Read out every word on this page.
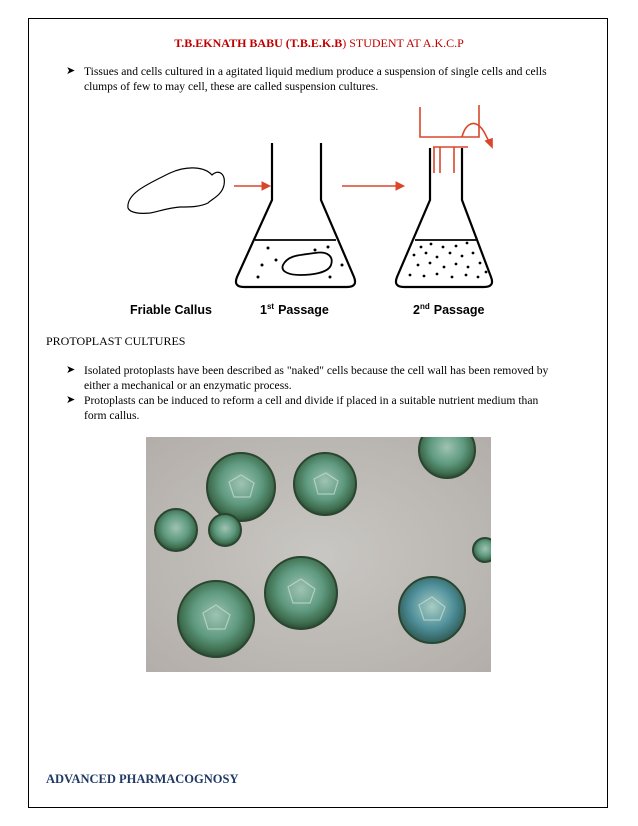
T.B.EKNATH BABU (T.B.E.K.B) STUDENT AT A.K.C.P
➤ Tissues and cells cultured in a agitated liquid medium produce a suspension of single cells and cells
clumps of few to may cell, these are called suspension cultures.
Friable Callus	1st $_{Passage}$	2nd $_{Passage}$
PROTOPLAST CULTURES
➤ Isolated protoplasts have been described as "naked" cells because the cell wall has been removed by
either a mechanical or an enzymatic process.
➤ Protoplasts can be induced to reform a cell and divide if placed in a suitable nutrient medium than
form callus.
ADVANCED PHARMACOGNOSY
